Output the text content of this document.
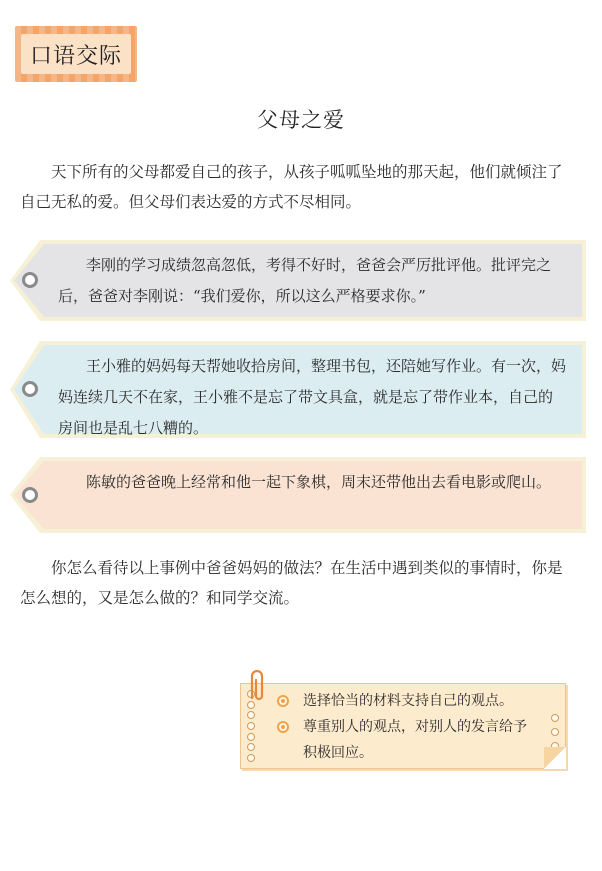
口语交际
父母之爱
天下所有的父母都爱自己的孩子，从孩子呱呱坠地的那天起，他们就倾注了自己无私的爱。但父母们表达爱的方式不尽相同。
李刚的学习成绩忽高忽低，考得不好时，爸爸会严厉批评他。批评完之后，爸爸对李刚说：“我们爱你，所以这么严格要求你。”
王小雅的妈妈每天帮她收拾房间，整理书包，还陪她写作业。有一次，妈妈连续几天不在家，王小雅不是忘了带文具盒，就是忘了带作业本，自己的房间也是乱七八糟的。
陈敏的爸爸晚上经常和他一起下象棋，周末还带他出去看电影或爬山。
你怎么看待以上事例中爸爸妈妈的做法？在生活中遇到类似的事情时，你是怎么想的，又是怎么做的？和同学交流。
选择恰当的材料支持自己的观点。
尊重别人的观点，对别人的发言给予积极回应。
